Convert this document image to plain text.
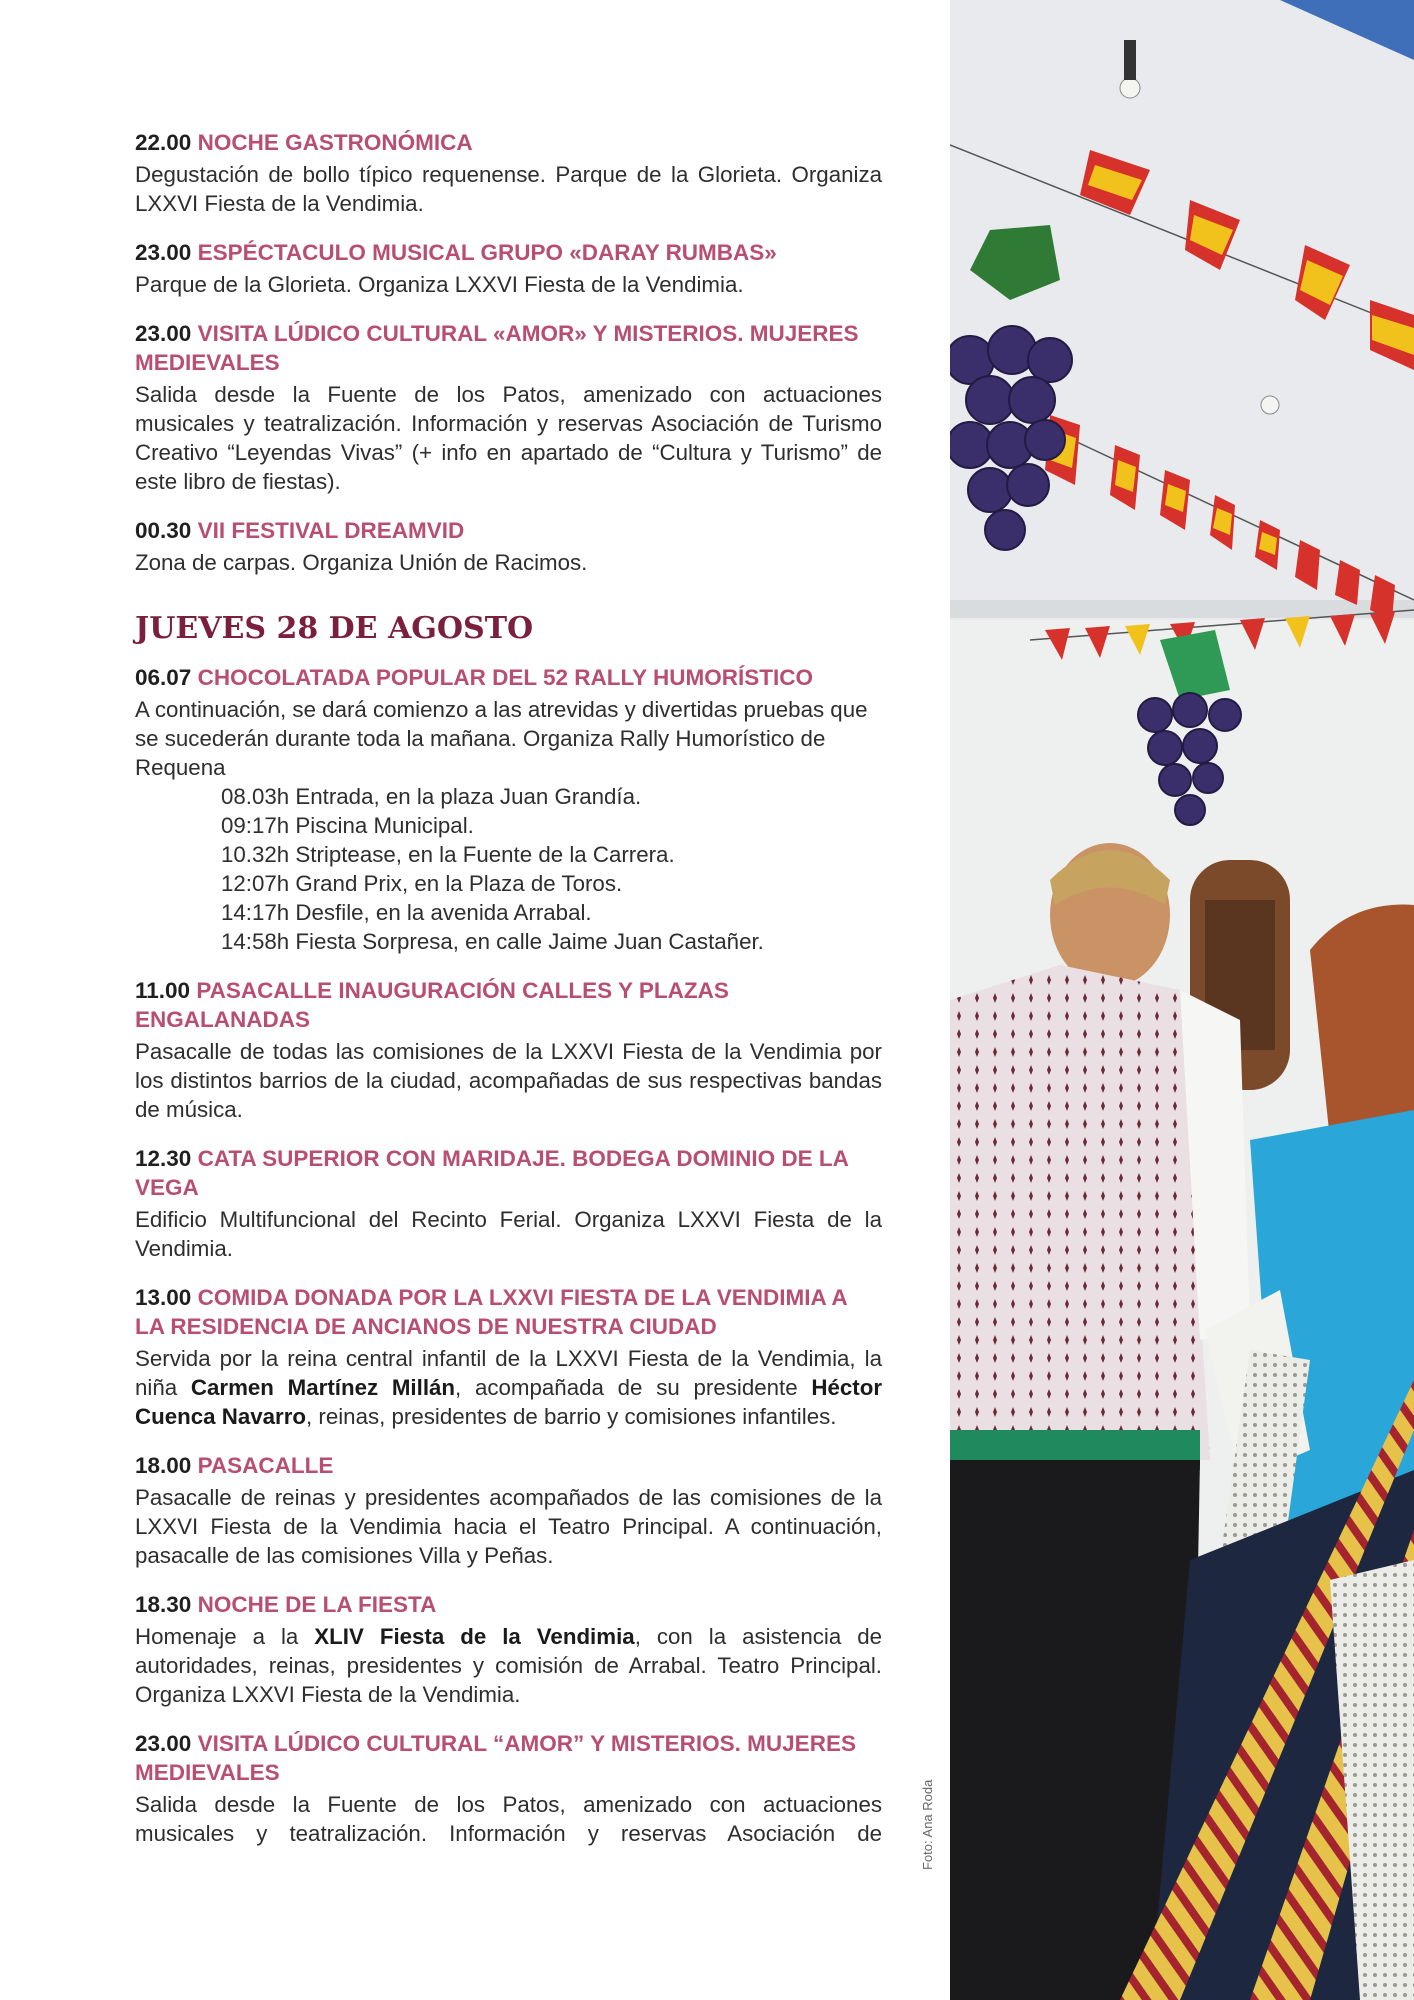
22.00 NOCHE GASTRONÓMICA
Degustación de bollo típico requenense. Parque de la Glorieta. Organiza LXXVI Fiesta de la Vendimia.
23.00 ESPÉCTACULO MUSICAL GRUPO «DARAY RUMBAS»
Parque de la Glorieta. Organiza LXXVI Fiesta de la Vendimia.
23.00 VISITA LÚDICO CULTURAL «AMOR» Y MISTERIOS. MUJERES MEDIEVALES
Salida desde la Fuente de los Patos, amenizado con actuaciones musicales y teatralización. Información y reservas Asociación de Turismo Creativo “Leyendas Vivas” (+ info en apartado de “Cultura y Turismo” de este libro de fiestas).
00.30 VII FESTIVAL DREAMVID
Zona de carpas. Organiza Unión de Racimos.
JUEVES 28 DE AGOSTO
06.07 CHOCOLATADA POPULAR DEL 52 RALLY HUMORÍSTICO
A continuación, se dará comienzo a las atrevidas y divertidas pruebas que se sucederán durante toda la mañana. Organiza Rally Humorístico de Requena
08.03h Entrada, en la plaza Juan Grandía.
09:17h Piscina Municipal.
10.32h Striptease, en la Fuente de la Carrera.
12:07h Grand Prix, en la Plaza de Toros.
14:17h Desfile, en la avenida Arrabal.
14:58h Fiesta Sorpresa, en calle Jaime Juan Castañer.
11.00 PASACALLE INAUGURACIÓN CALLES Y PLAZAS ENGALANADAS
Pasacalle de todas las comisiones de la LXXVI Fiesta de la Vendimia por los distintos barrios de la ciudad, acompañadas de sus respectivas bandas de música.
12.30 CATA SUPERIOR CON MARIDAJE. BODEGA DOMINIO DE LA VEGA
Edificio Multifuncional del Recinto Ferial. Organiza LXXVI Fiesta de la Vendimia.
13.00 COMIDA DONADA POR LA LXXVI FIESTA DE LA VENDIMIA A LA RESIDENCIA DE ANCIANOS DE NUESTRA CIUDAD
Servida por la reina central infantil de la LXXVI Fiesta de la Vendimia, la niña Carmen Martínez Millán, acompañada de su presidente Héctor Cuenca Navarro, reinas, presidentes de barrio y comisiones infantiles.
18.00 PASACALLE
Pasacalle de reinas y presidentes acompañados de las comisiones de la LXXVI Fiesta de la Vendimia hacia el Teatro Principal. A continuación, pasacalle de las comisiones Villa y Peñas.
18.30 NOCHE DE LA FIESTA
Homenaje a la XLIV Fiesta de la Vendimia, con la asistencia de autoridades, reinas, presidentes y comisión de Arrabal. Teatro Principal. Organiza LXXVI Fiesta de la Vendimia.
23.00 VISITA LÚDICO CULTURAL “AMOR” Y MISTERIOS. MUJERES MEDIEVALES
Salida desde la Fuente de los Patos, amenizado con actuaciones musicales y teatralización. Información y reservas Asociación de	Foto: Ana Roda
